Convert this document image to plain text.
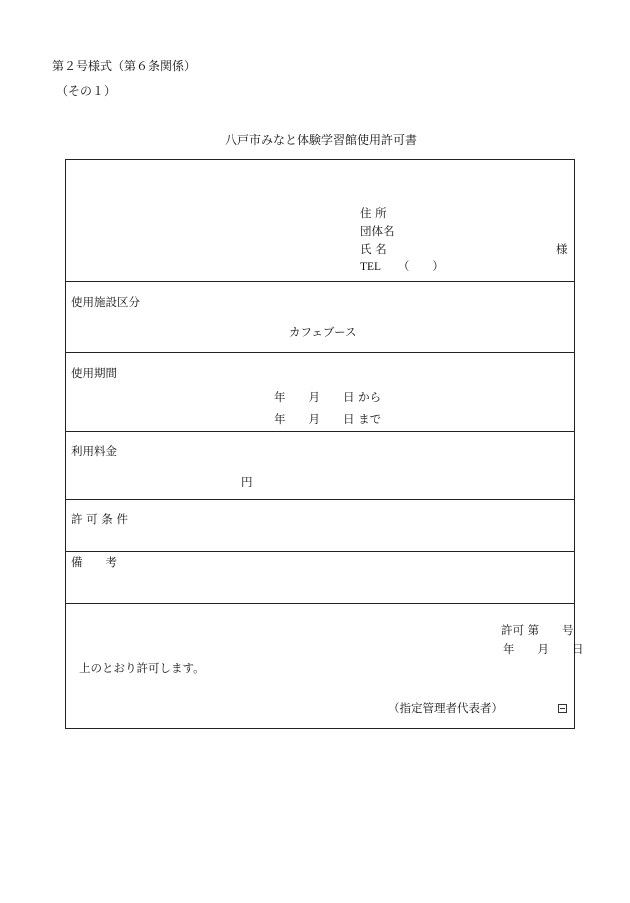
第２号様式（第６条関係）
（その１）
八戸市みなと体験学習館使用許可書
住 所
団体名
氏 名	様
TEL　　（　　）
使用施設区分
カフェブース
使用期間
年　　月　　日 から
年　　月　　日 まで
利用料金
円
許 可 条 件
備　　考
許可 第　　号
年　　月　　日
上のとおり許可します。
（指定管理者代表者）
